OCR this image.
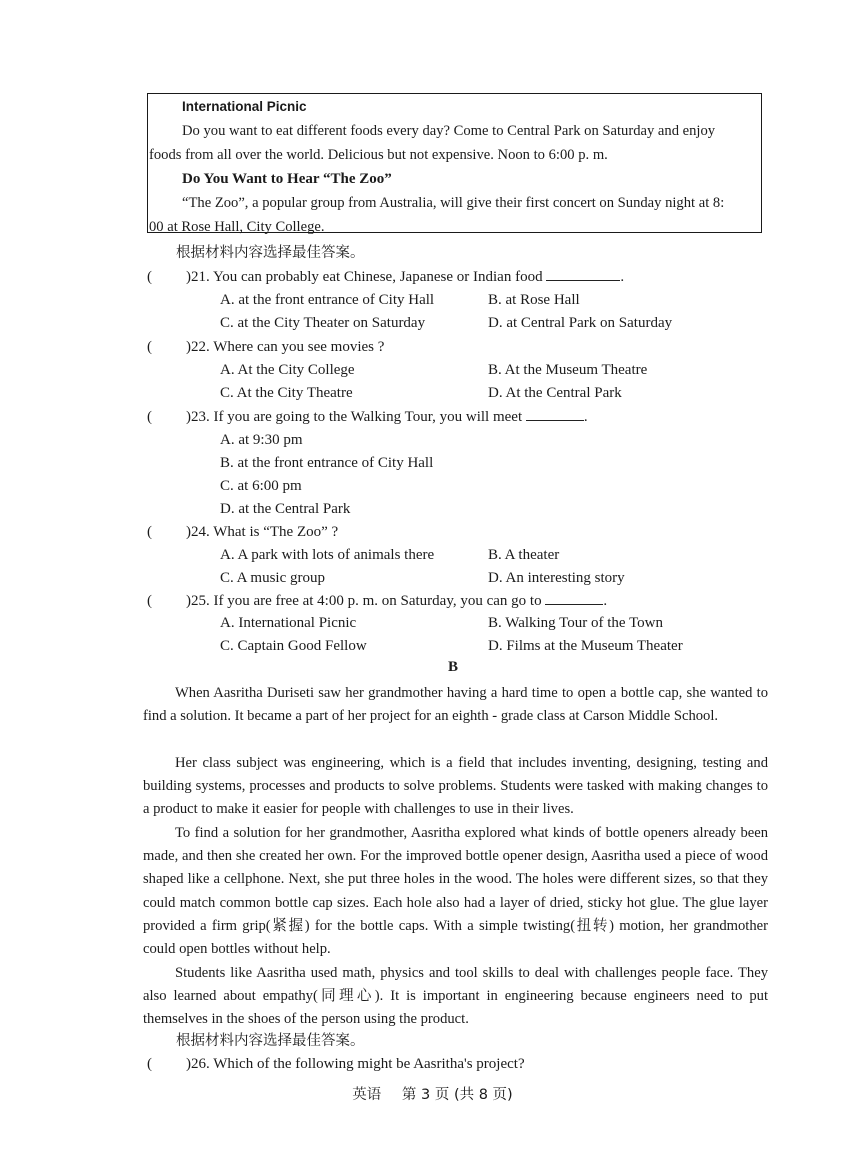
International Picnic
Do you want to eat different foods every day? Come to Central Park on Saturday and enjoy
foods from all over the world. Delicious but not expensive. Noon to 6:00 p. m.
Do You Want to Hear “The Zoo”
“The Zoo”, a popular group from Australia, will give their first concert on Sunday night at 8:
00 at Rose Hall, City College.
根据材料内容选择最佳答案。
( )21. You can probably eat Chinese, Japanese or Indian food	.
A. at the front entrance of City Hall	B. at Rose Hall
C. at the City Theater on Saturday	D. at Central Park on Saturday
( )22. Where can you see movies ?
A. At the City College	B. At the Museum Theatre
C. At the City Theatre	D. At the Central Park
( )23. If you are going to the Walking Tour, you will meet	.
A. at 9:30 pm
B. at the front entrance of City Hall
C. at 6:00 pm
D. at the Central Park
( )24. What is “The Zoo” ?
A. A park with lots of animals there	B. A theater
C. A music group	D. An interesting story
( )25. If you are free at 4:00 p. m. on Saturday, you can go to	.
A. International Picnic	B. Walking Tour of the Town
C. Captain Good Fellow	D. Films at the Museum Theater
B
When Aasritha Duriseti saw her grandmother having a hard time to open a bottle cap, she wanted to find a solution. It became a part of her project for an eighth - grade class at Carson Middle School.
Her class subject was engineering, which is a field that includes inventing, designing, testing and building systems, processes and products to solve problems. Students were tasked with making changes to a product to make it easier for people with challenges to use in their lives.
To find a solution for her grandmother, Aasritha explored what kinds of bottle openers already been made, and then she created her own. For the improved bottle opener design, Aasritha used a piece of wood shaped like a cellphone. Next, she put three holes in the wood. The holes were different sizes, so that they could match common bottle cap sizes. Each hole also had a layer of dried, sticky hot glue. The glue layer provided a firm grip(紧握) for the bottle caps. With a simple twisting(扭转) motion, her grandmother could open bottles without help.
Students like Aasritha used math, physics and tool skills to deal with challenges people face. They also learned about empathy(同理心). It is important in engineering because engineers need to put themselves in the shoes of the person using the product.
根据材料内容选择最佳答案。
( )26. Which of the following might be Aasritha's project?
英语 第 3 页 (共 8 页)
